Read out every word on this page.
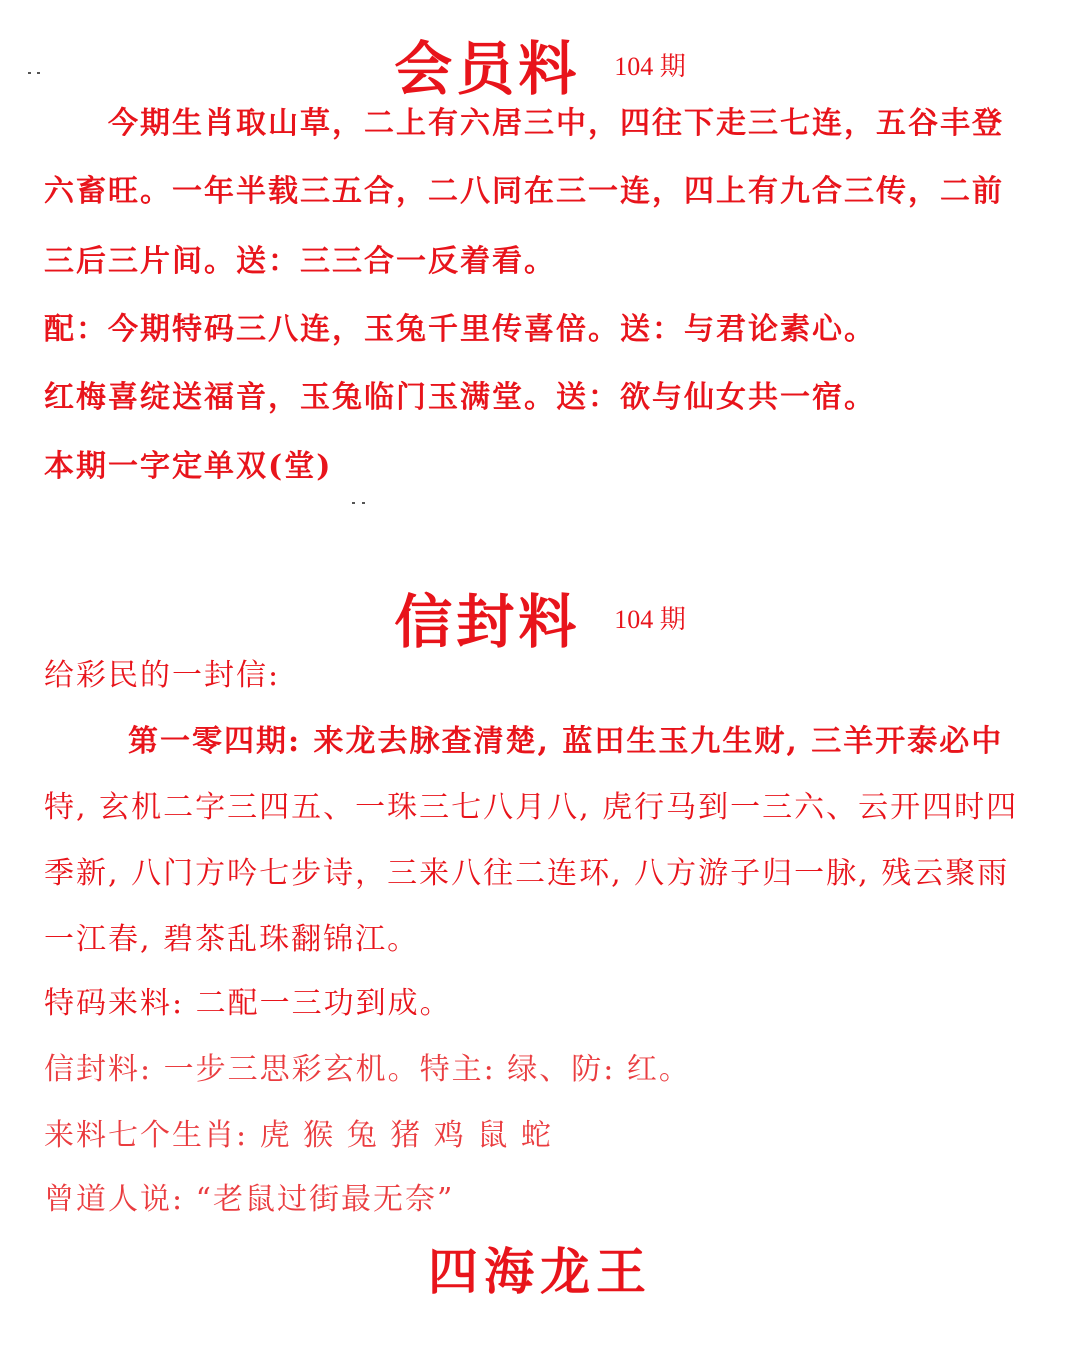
会员料 104 期
今期生肖取山草，二上有六居三中，四往下走三七连，五谷丰登
六畜旺。一年半载三五合，二八同在三一连，四上有九合三传，二前
三后三片间。送：三三合一反着看。
配：今期特码三八连，玉兔千里传喜倍。送：与君论素心。
红梅喜绽送福音，玉兔临门玉满堂。送：欲与仙女共一宿。
本期一字定单双(堂)
信封料 104 期
给彩民的一封信:
第一零四期: 来龙去脉查清楚, 蓝田生玉九生财, 三羊开泰必中
特, 玄机二字三四五、一珠三七八月八, 虎行马到一三六、云开四时四
季新, 八门方吟七步诗，三来八往二连环, 八方游子归一脉, 残云聚雨
一江春, 碧茶乱珠翻锦江。
特码来料: 二配一三功到成。
信封料: 一步三思彩玄机。特主: 绿、防: 红。
来料七个生肖: 虎 猴 兔 猪 鸡 鼠 蛇
曾道人说: “老鼠过街最无奈”
四海龙王
